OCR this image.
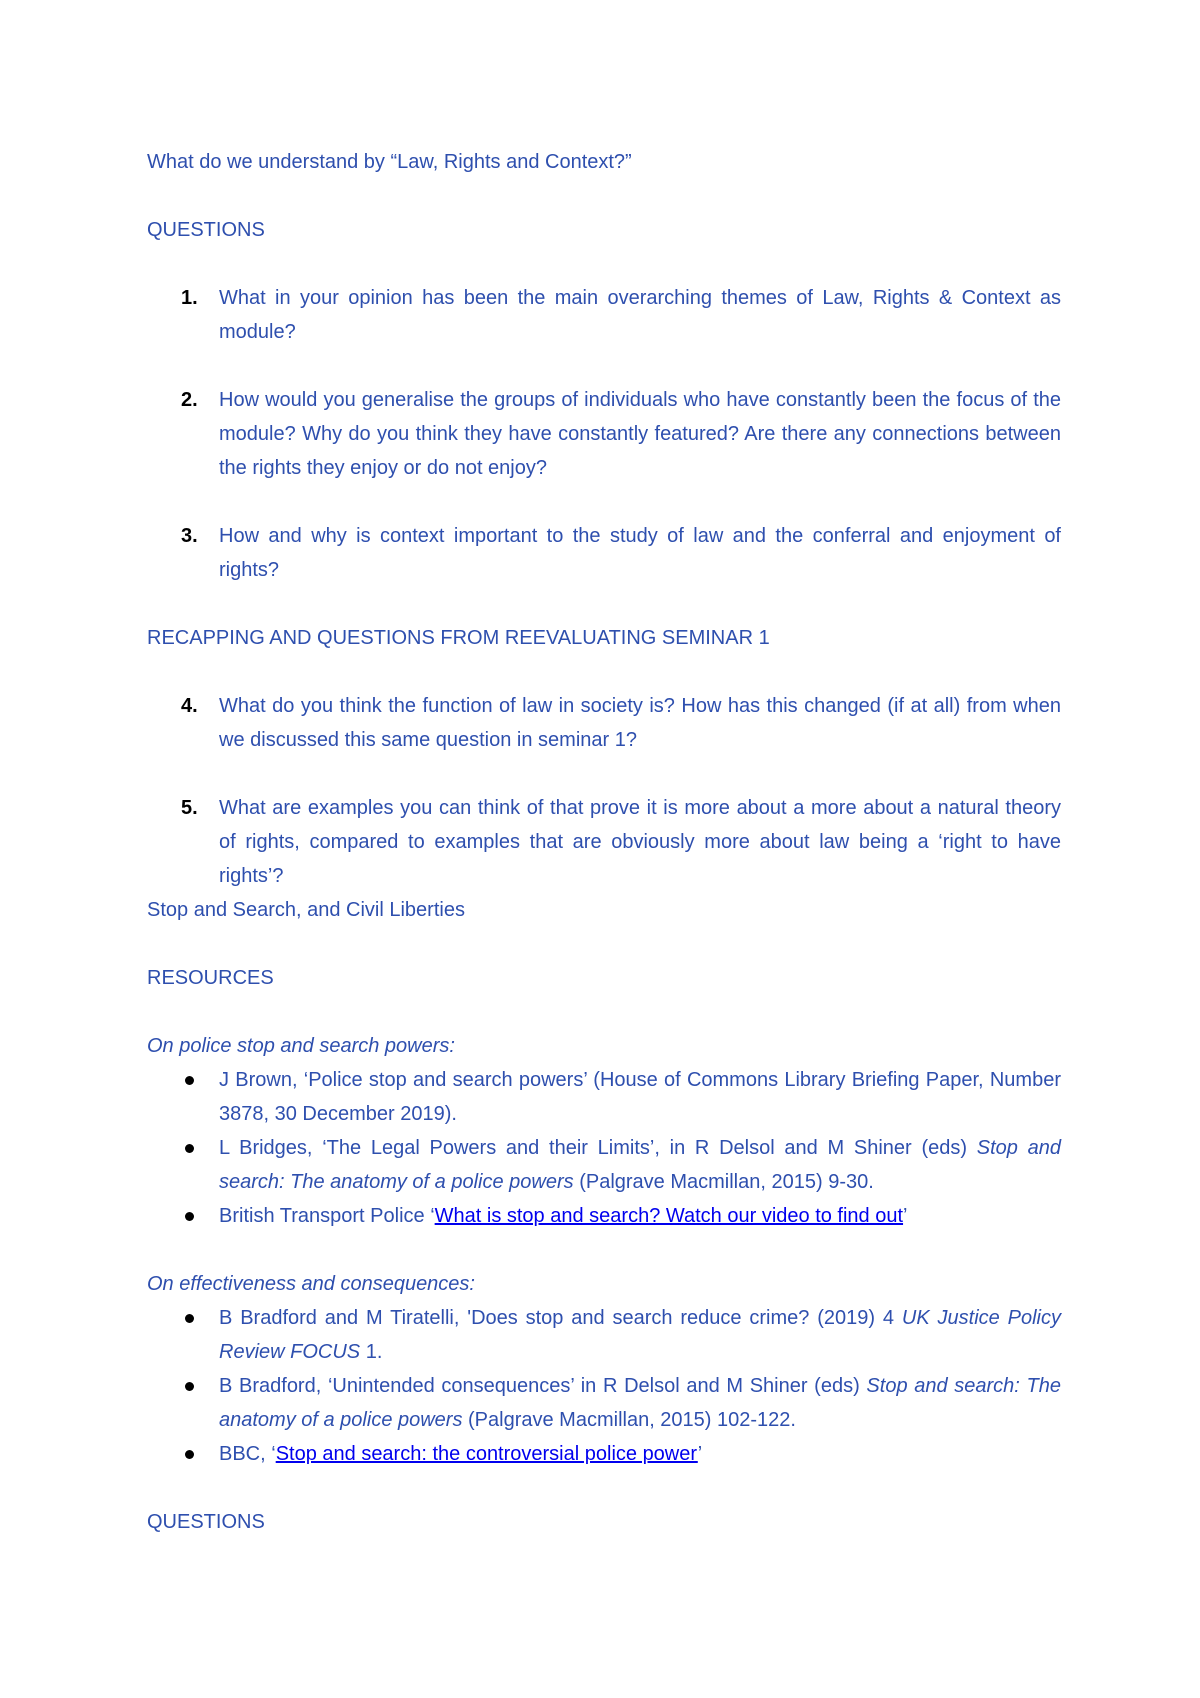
What do we understand by “Law, Rights and Context?”

QUESTIONS

1. What in your opinion has been the main overarching themes of Law, Rights & Context as module?
2. How would you generalise the groups of individuals who have constantly been the focus of the module? Why do you think they have constantly featured? Are there any connections between the rights they enjoy or do not enjoy?
3. How and why is context important to the study of law and the conferral and enjoyment of rights?

RECAPPING AND QUESTIONS FROM REEVALUATING SEMINAR 1

4. What do you think the function of law in society is? How has this changed (if at all) from when we discussed this same question in seminar 1?
5. What are examples you can think of that prove it is more about a more about a natural theory of rights, compared to examples that are obviously more about law being a ‘right to have rights’?

Stop and Search, and Civil Liberties

RESOURCES

On police stop and search powers:

J Brown, ‘Police stop and search powers’ (House of Commons Library Briefing Paper, Number 3878, 30 December 2019).
L Bridges, ‘The Legal Powers and their Limits’, in R Delsol and M Shiner (eds) Stop and search: The anatomy of a police powers (Palgrave Macmillan, 2015) 9-30.
British Transport Police ‘What is stop and search? Watch our video to find out’

On effectiveness and consequences:

B Bradford and M Tiratelli, 'Does stop and search reduce crime? (2019) 4 UK Justice Policy Review FOCUS 1.
B Bradford, ‘Unintended consequences’ in R Delsol and M Shiner (eds) Stop and search: The anatomy of a police powers (Palgrave Macmillan, 2015) 102-122.
BBC, ‘Stop and search: the controversial police power’

QUESTIONS
